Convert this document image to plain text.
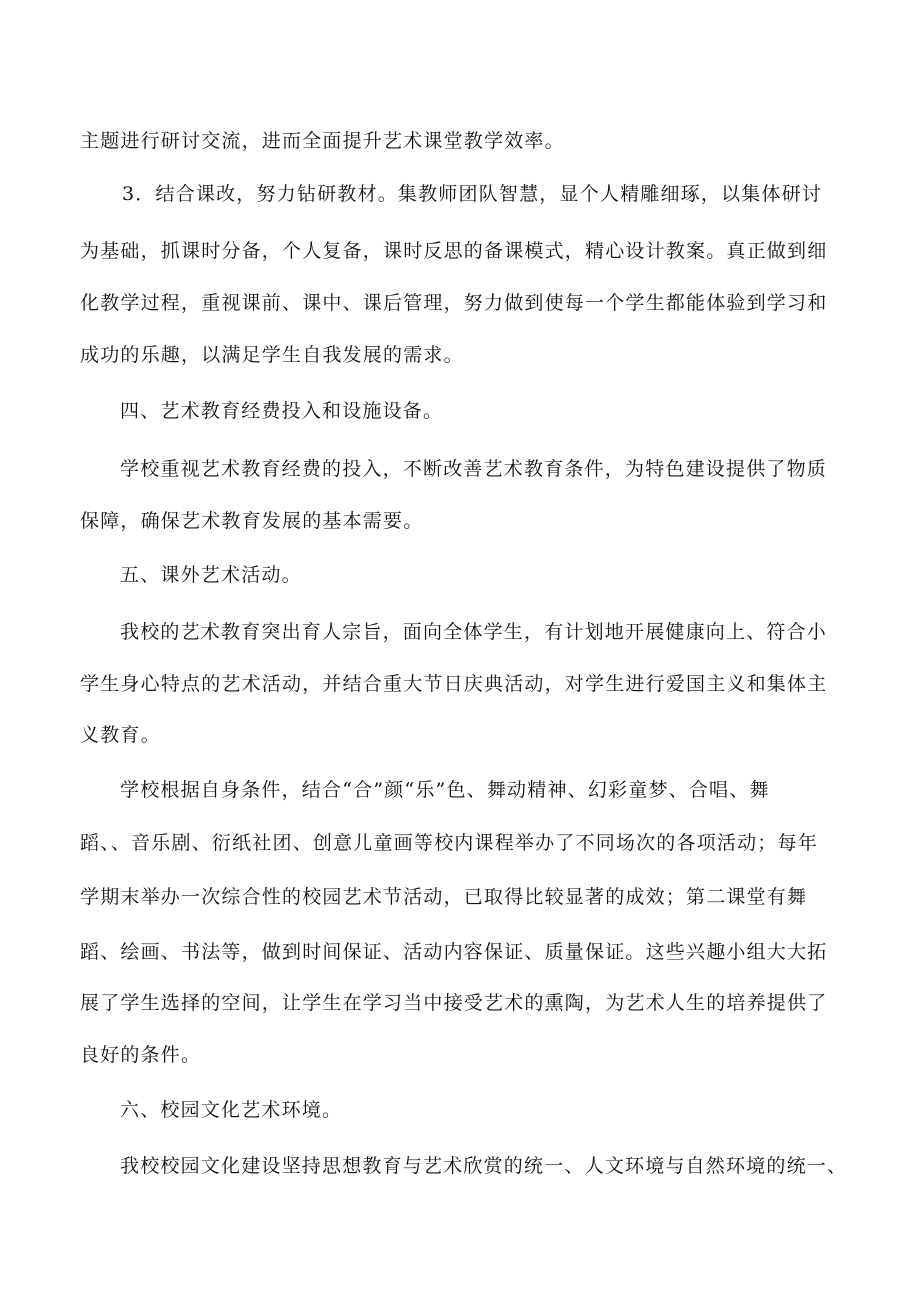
主题进行研讨交流，进而全面提升艺术课堂教学效率。
3．结合课改，努力钻研教材。集教师团队智慧，显个人精雕细琢，以集体研讨
为基础，抓课时分备，个人复备，课时反思的备课模式，精心设计教案。真正做到细
化教学过程，重视课前、课中、课后管理，努力做到使每一个学生都能体验到学习和
成功的乐趣，以满足学生自我发展的需求。
四、艺术教育经费投入和设施设备。
学校重视艺术教育经费的投入，不断改善艺术教育条件，为特色建设提供了物质
保障，确保艺术教育发展的基本需要。
五、课外艺术活动。
我校的艺术教育突出育人宗旨，面向全体学生，有计划地开展健康向上、符合小
学生身心特点的艺术活动，并结合重大节日庆典活动，对学生进行爱国主义和集体主
义教育。
学校根据自身条件，结合“合”颜“乐”色、舞动精神、幻彩童梦、合唱、舞
蹈、、音乐剧、衍纸社团、创意儿童画等校内课程举办了不同场次的各项活动；每年
学期末举办一次综合性的校园艺术节活动，已取得比较显著的成效；第二课堂有舞
蹈、绘画、书法等，做到时间保证、活动内容保证、质量保证。这些兴趣小组大大拓
展了学生选择的空间，让学生在学习当中接受艺术的熏陶，为艺术人生的培养提供了
良好的条件。
六、校园文化艺术环境。
我校校园文化建设坚持思想教育与艺术欣赏的统一、人文环境与自然环境的统一、
